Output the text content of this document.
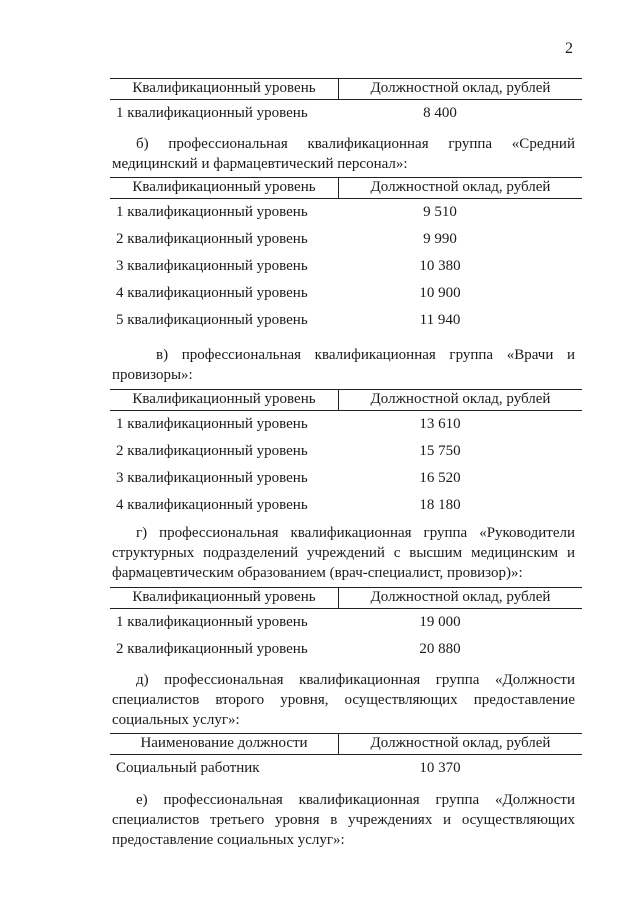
2
Квалификационный уровень	Должностной оклад, рублей
1 квалификационный уровень	8 400
б) профессиональная квалификационная группа «Средний
медицинский и фармацевтический персонал»:
Квалификационный уровень	Должностной оклад, рублей
1 квалификационный уровень	9 510
2 квалификационный уровень	9 990
3 квалификационный уровень	10 380
4 квалификационный уровень	10 900
5 квалификационный уровень	11 940
в) профессиональная квалификационная группа «Врачи и
провизоры»:
Квалификационный уровень	Должностной оклад, рублей
1 квалификационный уровень	13 610
2 квалификационный уровень	15 750
3 квалификационный уровень	16 520
4 квалификационный уровень	18 180
г) профессиональная квалификационная группа «Руководители
структурных подразделений учреждений с высшим медицинским и
фармацевтическим образованием (врач-специалист, провизор)»:
Квалификационный уровень	Должностной оклад, рублей
1 квалификационный уровень	19 000
2 квалификационный уровень	20 880
д) профессиональная квалификационная группа «Должности
специалистов второго уровня, осуществляющих предоставление
социальных услуг»:
Наименование должности	Должностной оклад, рублей
Социальный работник	10 370
е) профессиональная квалификационная группа «Должности
специалистов третьего уровня в учреждениях и осуществляющих
предоставление социальных услуг»:
